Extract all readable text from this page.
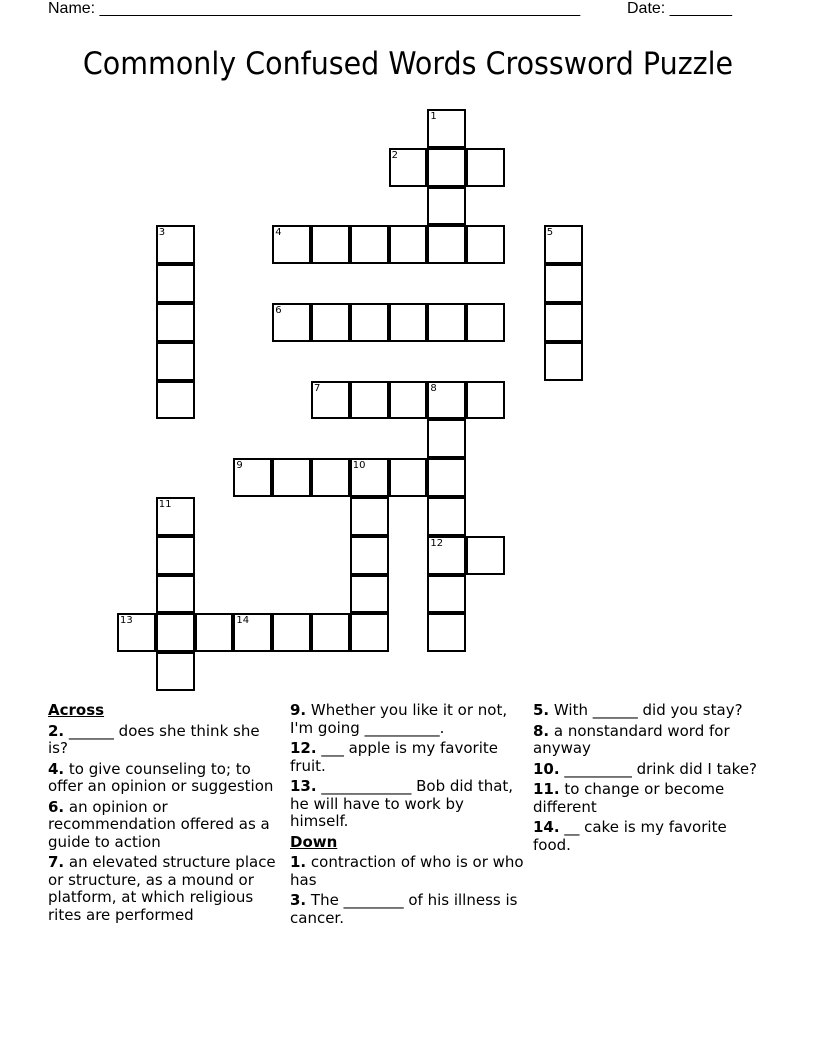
Name: ______________________________________________________	Date: _______
Commonly Confused Words Crossword Puzzle
1
2
3	4	5
6
7	8
9	10
11
12
13	14
Across
2. ______ does she think she is?
4. to give counseling to; to offer an opinion or suggestion
6. an opinion or recommendation offered as a guide to action
7. an elevated structure place or structure, as a mound or platform, at which religious rites are performed
9. Whether you like it or not, I'm going __________.
12. ___ apple is my favorite fruit.
13. ____________ Bob did that, he will have to work by himself.
Down
1. contraction of who is or who has
3. The ________ of his illness is cancer.
5. With ______ did you stay?
8. a nonstandard word for anyway
10. _________ drink did I take?
11. to change or become different
14. __ cake is my favorite food.
